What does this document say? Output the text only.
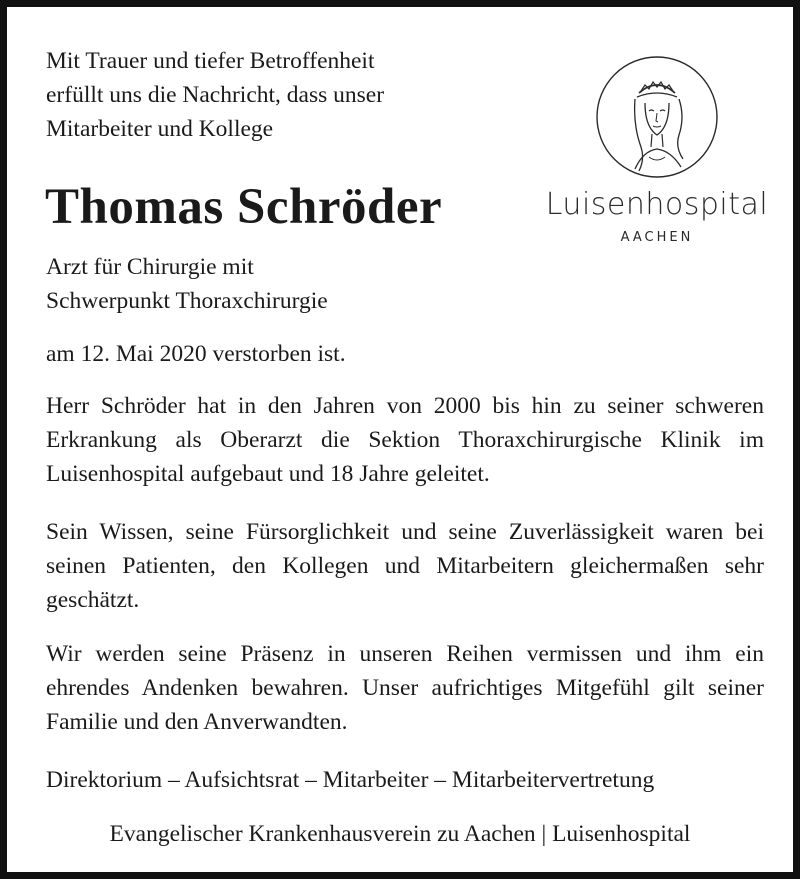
Mit Trauer und tiefer Betroffenheit
erfüllt uns die Nachricht, dass unser
Mitarbeiter und Kollege
Thomas Schröder
Arzt für Chirurgie mit
Schwerpunkt Thoraxchirurgie
am 12. Mai 2020 verstorben ist.
Herr Schröder hat in den Jahren von 2000 bis hin zu seiner schweren Erkrankung als Oberarzt die Sektion Thoraxchirurgische Klinik im Luisenhospital aufgebaut und 18 Jahre geleitet.
Sein Wissen, seine Fürsorglichkeit und seine Zuverlässigkeit waren bei seinen Patienten, den Kollegen und Mitarbeitern gleichermaßen sehr geschätzt.
Wir werden seine Präsenz in unseren Reihen vermissen und ihm ein ehrendes Andenken bewahren. Unser aufrichtiges Mitgefühl gilt seiner Familie und den Anverwandten.
Direktorium – Aufsichtsrat – Mitarbeiter – Mitarbeitervertretung
Evangelischer Krankenhausverein zu Aachen | Luisenhospital
Luisenhospital
AACHEN
